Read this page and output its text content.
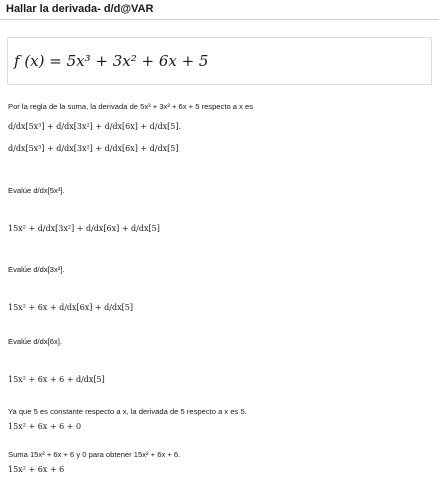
Hallar la derivada- d/d@VAR
f (x) = 5x³ + 3x² + 6x + 5
Por la regla de la suma, la derivada de 5x³ + 3x² + 6x + 5 respecto a x es
d/dx[5x³] + d/dx[3x²] + d/dx[6x] + d/dx[5].
d/dx[5x³] + d/dx[3x²] + d/dx[6x] + d/dx[5]
Evalúe d/dx[5x³].
15x² + d/dx[3x²] + d/dx[6x] + d/dx[5]
Evalúe d/dx[3x²].
15x² + 6x + d/dx[6x] + d/dx[5]
Evalúe d/dx[6x].
15x² + 6x + 6 + d/dx[5]
Ya que 5 es constante respecto a x, la derivada de 5 respecto a x es 5.
15x² + 6x + 6 + 0
Suma 15x² + 6x + 6 y 0 para obtener 15x² + 6x + 6.
15x² + 6x + 6
